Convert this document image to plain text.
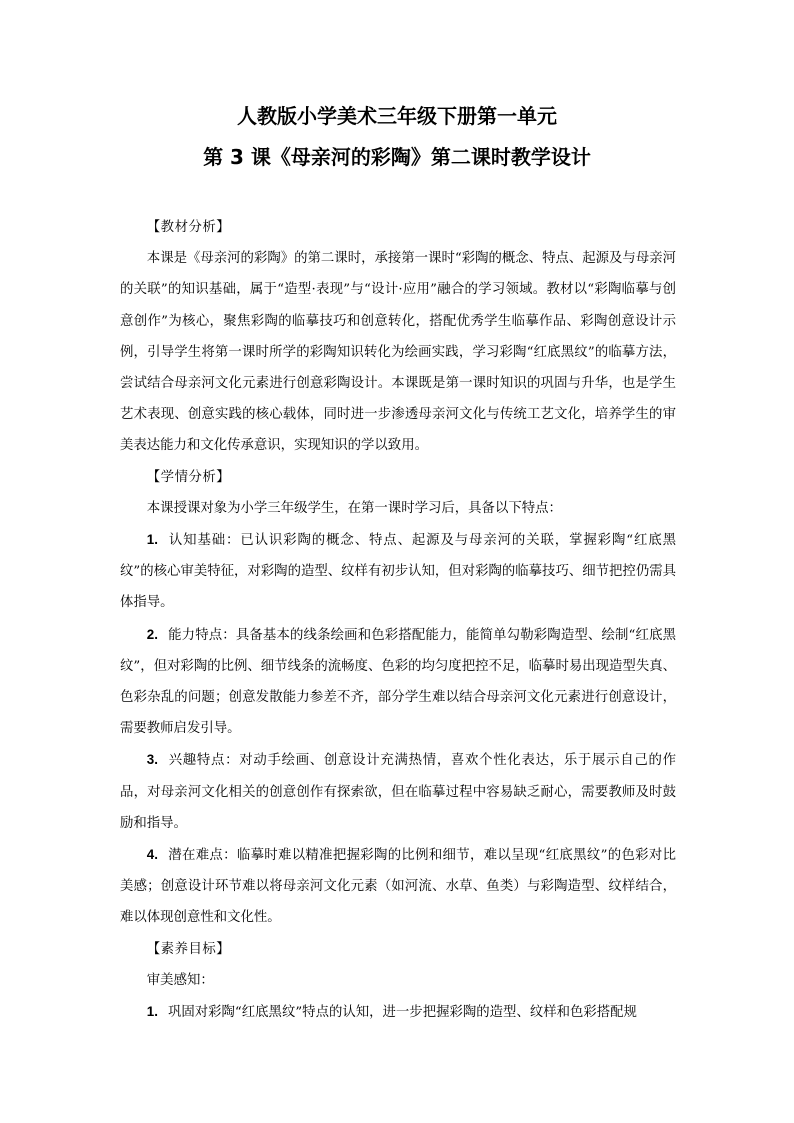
人教版小学美术三年级下册第一单元
第 3 课《母亲河的彩陶》第二课时教学设计

【教材分析】

本课是《母亲河的彩陶》的第二课时，承接第一课时“彩陶的概念、特点、起源及与母亲河的关联”的知识基础，属于“造型·表现”与“设计·应用”融合的学习领域。教材以“彩陶临摹与创意创作”为核心，聚焦彩陶的临摹技巧和创意转化，搭配优秀学生临摹作品、彩陶创意设计示例，引导学生将第一课时所学的彩陶知识转化为绘画实践，学习彩陶“红底黑纹”的临摹方法，尝试结合母亲河文化元素进行创意彩陶设计。本课既是第一课时知识的巩固与升华，也是学生艺术表现、创意实践的核心载体，同时进一步渗透母亲河文化与传统工艺文化，培养学生的审美表达能力和文化传承意识，实现知识的学以致用。

【学情分析】

本课授课对象为小学三年级学生，在第一课时学习后，具备以下特点：

1. 认知基础：已认识彩陶的概念、特点、起源及与母亲河的关联，掌握彩陶“红底黑纹”的核心审美特征，对彩陶的造型、纹样有初步认知，但对彩陶的临摹技巧、细节把控仍需具体指导。

2. 能力特点：具备基本的线条绘画和色彩搭配能力，能简单勾勒彩陶造型、绘制“红底黑纹”，但对彩陶的比例、细节线条的流畅度、色彩的均匀度把控不足，临摹时易出现造型失真、色彩杂乱的问题；创意发散能力参差不齐，部分学生难以结合母亲河文化元素进行创意设计，需要教师启发引导。

3. 兴趣特点：对动手绘画、创意设计充满热情，喜欢个性化表达，乐于展示自己的作品，对母亲河文化相关的创意创作有探索欲，但在临摹过程中容易缺乏耐心，需要教师及时鼓励和指导。

4. 潜在难点：临摹时难以精准把握彩陶的比例和细节，难以呈现“红底黑纹”的色彩对比美感；创意设计环节难以将母亲河文化元素（如河流、水草、鱼类）与彩陶造型、纹样结合，难以体现创意性和文化性。

【素养目标】

审美感知：

1. 巩固对彩陶“红底黑纹”特点的认知，进一步把握彩陶的造型、纹样和色彩搭配规
